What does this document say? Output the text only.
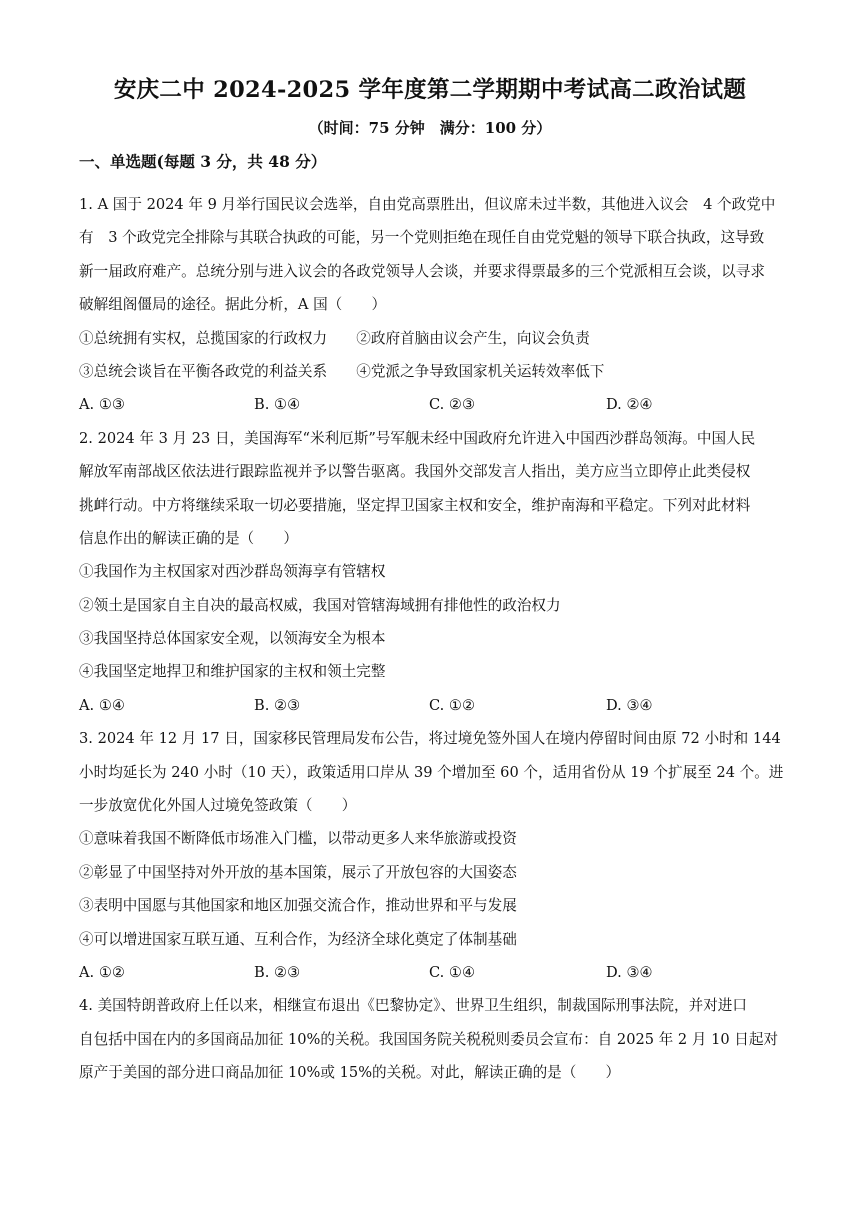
安庆二中 2024-2025 学年度第二学期期中考试高二政治试题
（时间：75 分钟　满分：100 分）
一、单选题(每题 3 分，共 48 分）
1. A 国于 2024 年 9 月举行国民议会选举，自由党高票胜出，但议席未过半数，其他进入议会　4 个政党中
有　3 个政党完全排除与其联合执政的可能，另一个党则拒绝在现任自由党党魁的领导下联合执政，这导致
新一届政府难产。总统分别与进入议会的各政党领导人会谈，并要求得票最多的三个党派相互会谈，以寻求
破解组阁僵局的途径。据此分析，A 国（　　）
①总统拥有实权，总揽国家的行政权力　　②政府首脑由议会产生，向议会负责
③总统会谈旨在平衡各政党的利益关系　　④党派之争导致国家机关运转效率低下
A. ①③	B. ①④	C. ②③	D. ②④
2. 2024 年 3 月 23 日，美国海军“米利厄斯”号军舰未经中国政府允许进入中国西沙群岛领海。中国人民
解放军南部战区依法进行跟踪监视并予以警告驱离。我国外交部发言人指出，美方应当立即停止此类侵权
挑衅行动。中方将继续采取一切必要措施，坚定捍卫国家主权和安全，维护南海和平稳定。下列对此材料
信息作出的解读正确的是（　　）
①我国作为主权国家对西沙群岛领海享有管辖权
②领土是国家自主自决的最高权威，我国对管辖海域拥有排他性的政治权力
③我国坚持总体国家安全观，以领海安全为根本
④我国坚定地捍卫和维护国家的主权和领土完整
A. ①④	B. ②③	C. ①②	D. ③④
3. 2024 年 12 月 17 日，国家移民管理局发布公告，将过境免签外国人在境内停留时间由原 72 小时和 144
小时均延长为 240 小时（10 天），政策适用口岸从 39 个增加至 60 个，适用省份从 19 个扩展至 24 个。进
一步放宽优化外国人过境免签政策（　　）
①意味着我国不断降低市场准入门槛，以带动更多人来华旅游或投资
②彰显了中国坚持对外开放的基本国策，展示了开放包容的大国姿态
③表明中国愿与其他国家和地区加强交流合作，推动世界和平与发展
④可以增进国家互联互通、互利合作，为经济全球化奠定了体制基础
A. ①②	B. ②③	C. ①④	D. ③④
4. 美国特朗普政府上任以来，相继宣布退出《巴黎协定》、世界卫生组织，制裁国际刑事法院，并对进口
自包括中国在内的多国商品加征 10%的关税。我国国务院关税税则委员会宣布：自 2025 年 2 月 10 日起对
原产于美国的部分进口商品加征 10%或 15%的关税。对此，解读正确的是（　　）
